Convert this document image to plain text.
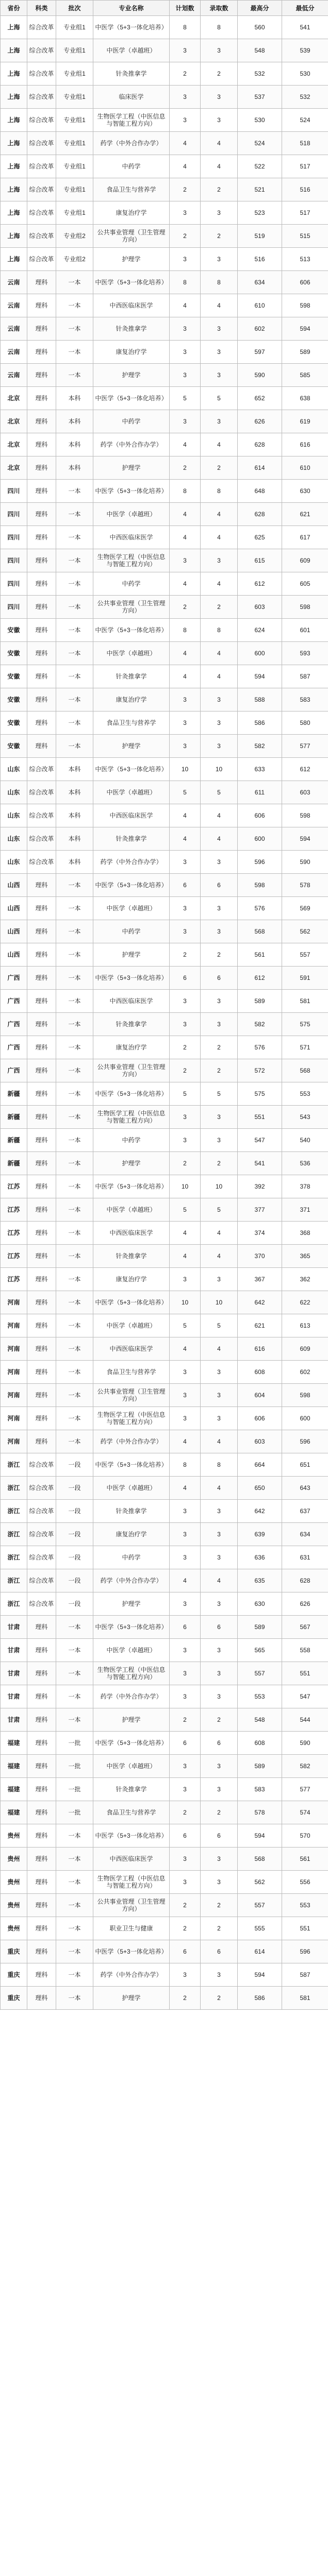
省份	科类	批次	专业名称	计划数	录取数	最高分	最低分
上海	综合改革	专业组1	中医学（5+3一体化培养）	8	8	560	541
上海	综合改革	专业组1	中医学（卓越班）	3	3	548	539
上海	综合改革	专业组1	针灸推拿学	2	2	532	530
上海	综合改革	专业组1	临床医学	3	3	537	532
上海	综合改革	专业组1	生物医学工程（中医信息与智能工程方向）	3	3	530	524
上海	综合改革	专业组1	药学（中外合作办学）	4	4	524	518
上海	综合改革	专业组1	中药学	4	4	522	517
上海	综合改革	专业组1	食品卫生与营养学	2	2	521	516
上海	综合改革	专业组1	康复治疗学	3	3	523	517
上海	综合改革	专业组2	公共事业管理（卫生管理方向）	2	2	519	515
上海	综合改革	专业组2	护理学	3	3	516	513
云南	理科	一本	中医学（5+3一体化培养）	8	8	634	606
云南	理科	一本	中西医临床医学	4	4	610	598
云南	理科	一本	针灸推拿学	3	3	602	594
云南	理科	一本	康复治疗学	3	3	597	589
云南	理科	一本	护理学	3	3	590	585
北京	理科	本科	中医学（5+3一体化培养）	5	5	652	638
北京	理科	本科	中药学	3	3	626	619
北京	理科	本科	药学（中外合作办学）	4	4	628	616
北京	理科	本科	护理学	2	2	614	610
四川	理科	一本	中医学（5+3一体化培养）	8	8	648	630
四川	理科	一本	中医学（卓越班）	4	4	628	621
四川	理科	一本	中西医临床医学	4	4	625	617
四川	理科	一本	生物医学工程（中医信息与智能工程方向）	3	3	615	609
四川	理科	一本	中药学	4	4	612	605
四川	理科	一本	公共事业管理（卫生管理方向）	2	2	603	598
安徽	理科	一本	中医学（5+3一体化培养）	8	8	624	601
安徽	理科	一本	中医学（卓越班）	4	4	600	593
安徽	理科	一本	针灸推拿学	4	4	594	587
安徽	理科	一本	康复治疗学	3	3	588	583
安徽	理科	一本	食品卫生与营养学	3	3	586	580
安徽	理科	一本	护理学	3	3	582	577
山东	综合改革	本科	中医学（5+3一体化培养）	10	10	633	612
山东	综合改革	本科	中医学（卓越班）	5	5	611	603
山东	综合改革	本科	中西医临床医学	4	4	606	598
山东	综合改革	本科	针灸推拿学	4	4	600	594
山东	综合改革	本科	药学（中外合作办学）	3	3	596	590
山西	理科	一本	中医学（5+3一体化培养）	6	6	598	578
山西	理科	一本	中医学（卓越班）	3	3	576	569
山西	理科	一本	中药学	3	3	568	562
山西	理科	一本	护理学	2	2	561	557
广西	理科	一本	中医学（5+3一体化培养）	6	6	612	591
广西	理科	一本	中西医临床医学	3	3	589	581
广西	理科	一本	针灸推拿学	3	3	582	575
广西	理科	一本	康复治疗学	2	2	576	571
广西	理科	一本	公共事业管理（卫生管理方向）	2	2	572	568
新疆	理科	一本	中医学（5+3一体化培养）	5	5	575	553
新疆	理科	一本	生物医学工程（中医信息与智能工程方向）	3	3	551	543
新疆	理科	一本	中药学	3	3	547	540
新疆	理科	一本	护理学	2	2	541	536
江苏	理科	一本	中医学（5+3一体化培养）	10	10	392	378
江苏	理科	一本	中医学（卓越班）	5	5	377	371
江苏	理科	一本	中西医临床医学	4	4	374	368
江苏	理科	一本	针灸推拿学	4	4	370	365
江苏	理科	一本	康复治疗学	3	3	367	362
河南	理科	一本	中医学（5+3一体化培养）	10	10	642	622
河南	理科	一本	中医学（卓越班）	5	5	621	613
河南	理科	一本	中西医临床医学	4	4	616	609
河南	理科	一本	食品卫生与营养学	3	3	608	602
河南	理科	一本	公共事业管理（卫生管理方向）	3	3	604	598
河南	理科	一本	生物医学工程（中医信息与智能工程方向）	3	3	606	600
河南	理科	一本	药学（中外合作办学）	4	4	603	596
浙江	综合改革	一段	中医学（5+3一体化培养）	8	8	664	651
浙江	综合改革	一段	中医学（卓越班）	4	4	650	643
浙江	综合改革	一段	针灸推拿学	3	3	642	637
浙江	综合改革	一段	康复治疗学	3	3	639	634
浙江	综合改革	一段	中药学	3	3	636	631
浙江	综合改革	一段	药学（中外合作办学）	4	4	635	628
浙江	综合改革	一段	护理学	3	3	630	626
甘肃	理科	一本	中医学（5+3一体化培养）	6	6	589	567
甘肃	理科	一本	中医学（卓越班）	3	3	565	558
甘肃	理科	一本	生物医学工程（中医信息与智能工程方向）	3	3	557	551
甘肃	理科	一本	药学（中外合作办学）	3	3	553	547
甘肃	理科	一本	护理学	2	2	548	544
福建	理科	一批	中医学（5+3一体化培养）	6	6	608	590
福建	理科	一批	中医学（卓越班）	3	3	589	582
福建	理科	一批	针灸推拿学	3	3	583	577
福建	理科	一批	食品卫生与营养学	2	2	578	574
贵州	理科	一本	中医学（5+3一体化培养）	6	6	594	570
贵州	理科	一本	中西医临床医学	3	3	568	561
贵州	理科	一本	生物医学工程（中医信息与智能工程方向）	3	3	562	556
贵州	理科	一本	公共事业管理（卫生管理方向）	2	2	557	553
贵州	理科	一本	职业卫生与健康	2	2	555	551
重庆	理科	一本	中医学（5+3一体化培养）	6	6	614	596
重庆	理科	一本	药学（中外合作办学）	3	3	594	587
重庆	理科	一本	护理学	2	2	586	581
